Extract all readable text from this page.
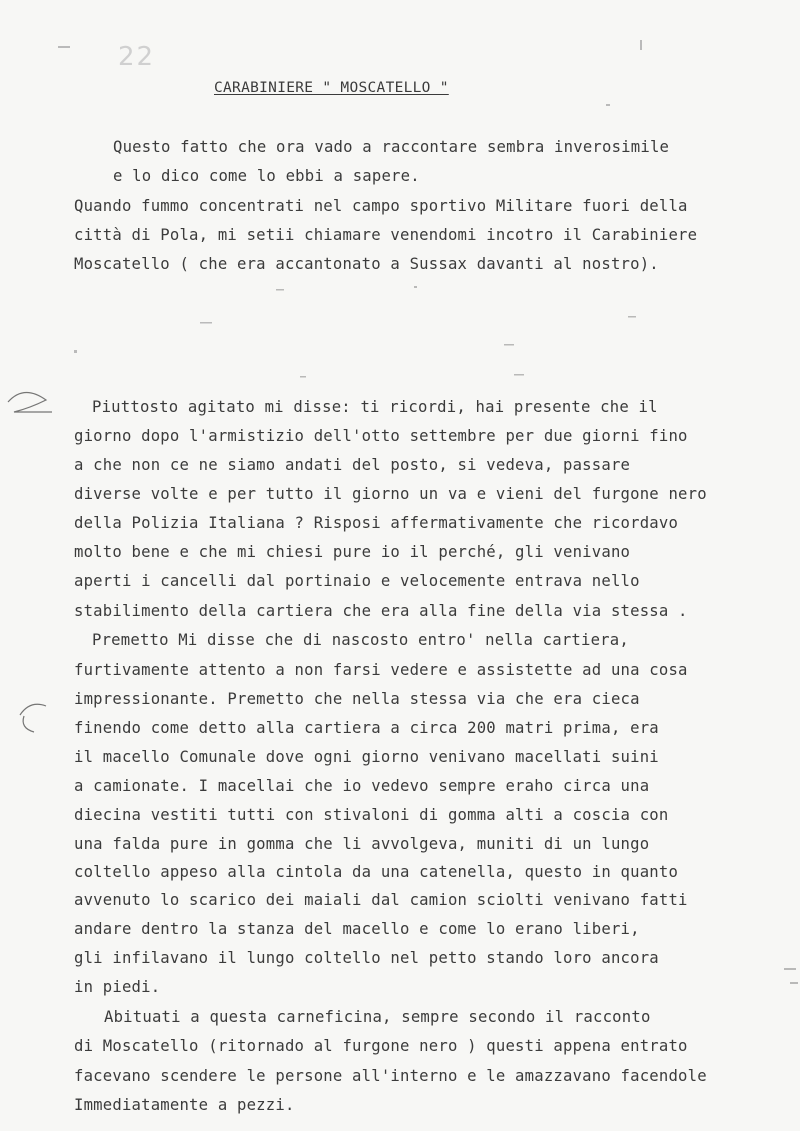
22
CARABINIERE " MOSCATELLO "
Questo fatto che ora vado a raccontare sembra inverosimile
e lo dico come lo ebbi a sapere.
Quando fummo concentrati nel campo sportivo Militare fuori della
città di Pola, mi setii chiamare venendomi incotro il Carabiniere
Moscatello ( che era accantonato a Sussax davanti al nostro).
Piuttosto agitato mi disse: ti ricordi, hai presente che il
giorno dopo l'armistizio dell'otto settembre per due giorni fino
a che non ce ne siamo andati del posto, si vedeva, passare
diverse volte e per tutto il giorno un va e vieni del furgone nero
della Polizia Italiana ? Risposi affermativamente che ricordavo
molto bene e che mi chiesi pure io il perché, gli venivano
aperti i cancelli dal portinaio e velocemente entrava nello
stabilimento della cartiera che era alla fine della via stessa .
Premetto Mi disse che di nascosto entro' nella cartiera,
furtivamente attento a non farsi vedere e assistette ad una cosa
impressionante. Premetto che nella stessa via che era cieca
finendo come detto alla cartiera a circa 200 matri prima, era
il macello Comunale dove ogni giorno venivano macellati suini
a camionate. I macellai che io vedevo sempre eraho circa una
diecina vestiti tutti con stivaloni di gomma alti a coscia con
una falda pure in gomma che li avvolgeva, muniti di un lungo
coltello appeso alla cintola da una catenella, questo in quanto
avvenuto lo scarico dei maiali dal camion sciolti venivano fatti
andare dentro la stanza del macello e come lo erano liberi,
gli infilavano il lungo coltello nel petto stando loro ancora
in piedi.
Abituati a questa carneficina, sempre secondo il racconto
di Moscatello (ritornado al furgone nero ) questi appena entrato
facevano scendere le persone all'interno e le amazzavano facendole
Immediatamente a pezzi.
